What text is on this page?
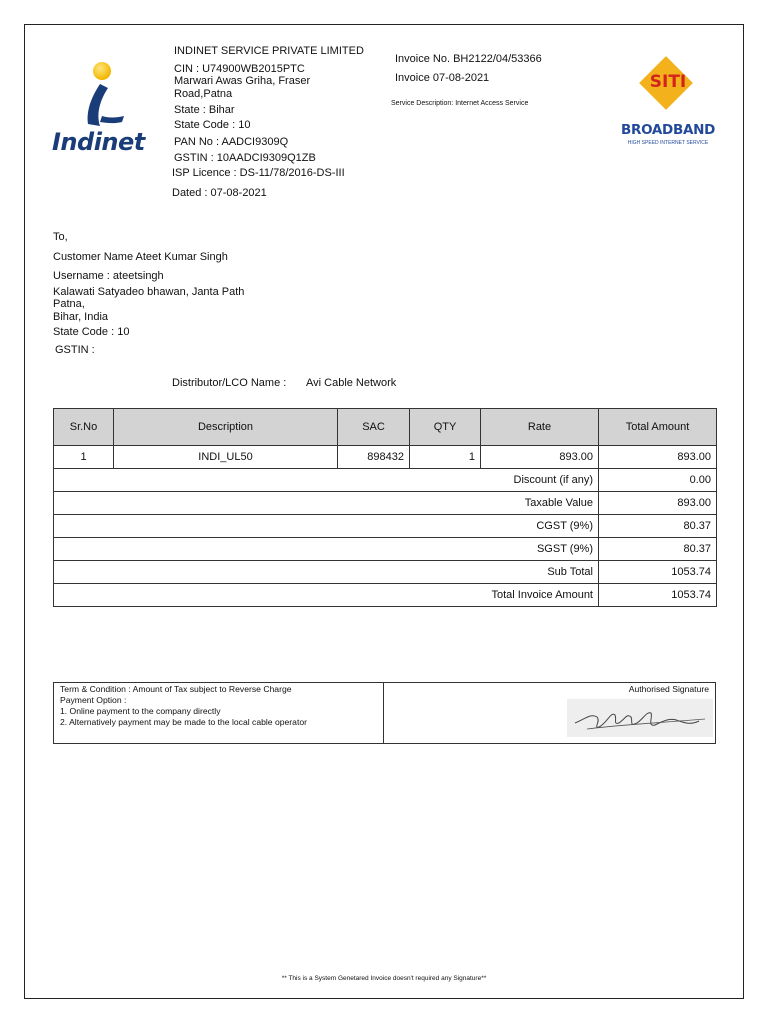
Indinet
INDINET SERVICE PRIVATE LIMITED
CIN : U74900WB2015PTC
Marwari Awas Griha, Fraser
Road,Patna
State : Bihar
State Code : 10
PAN No : AADCI9309Q
GSTIN : 10AADCI9309Q1ZB
ISP Licence : DS-11/78/2016-DS-III
Dated : 07-08-2021
Invoice No. BH2122/04/53366
Invoice 07-08-2021
Service Description: Internet Access Service
SITI
BROADBAND
HIGH SPEED INTERNET SERVICE
To,
Customer Name Ateet Kumar Singh
Username : ateetsingh
Kalawati Satyadeo bhawan, Janta Path
Patna,
Bihar, India
State Code : 10
GSTIN :
Distributor/LCO Name : Avi Cable Network
Sr.No	Description	SAC	QTY	Rate	Total Amount
1	INDI_UL50	898432	1	893.00	893.00
Discount (if any)					0.00
Taxable Value					893.00
CGST (9%)					80.37
SGST (9%)					80.37
Sub Total					1053.74
Total Invoice Amount					1053.74
Term & Condition : Amount of Tax subject to Reverse Charge
Payment Option :
1. Online payment to the company directly
2. Alternatively payment may be made to the local cable operator
Authorised Signature
** This is a System Genetared Invoice doesn't required any Signature**
